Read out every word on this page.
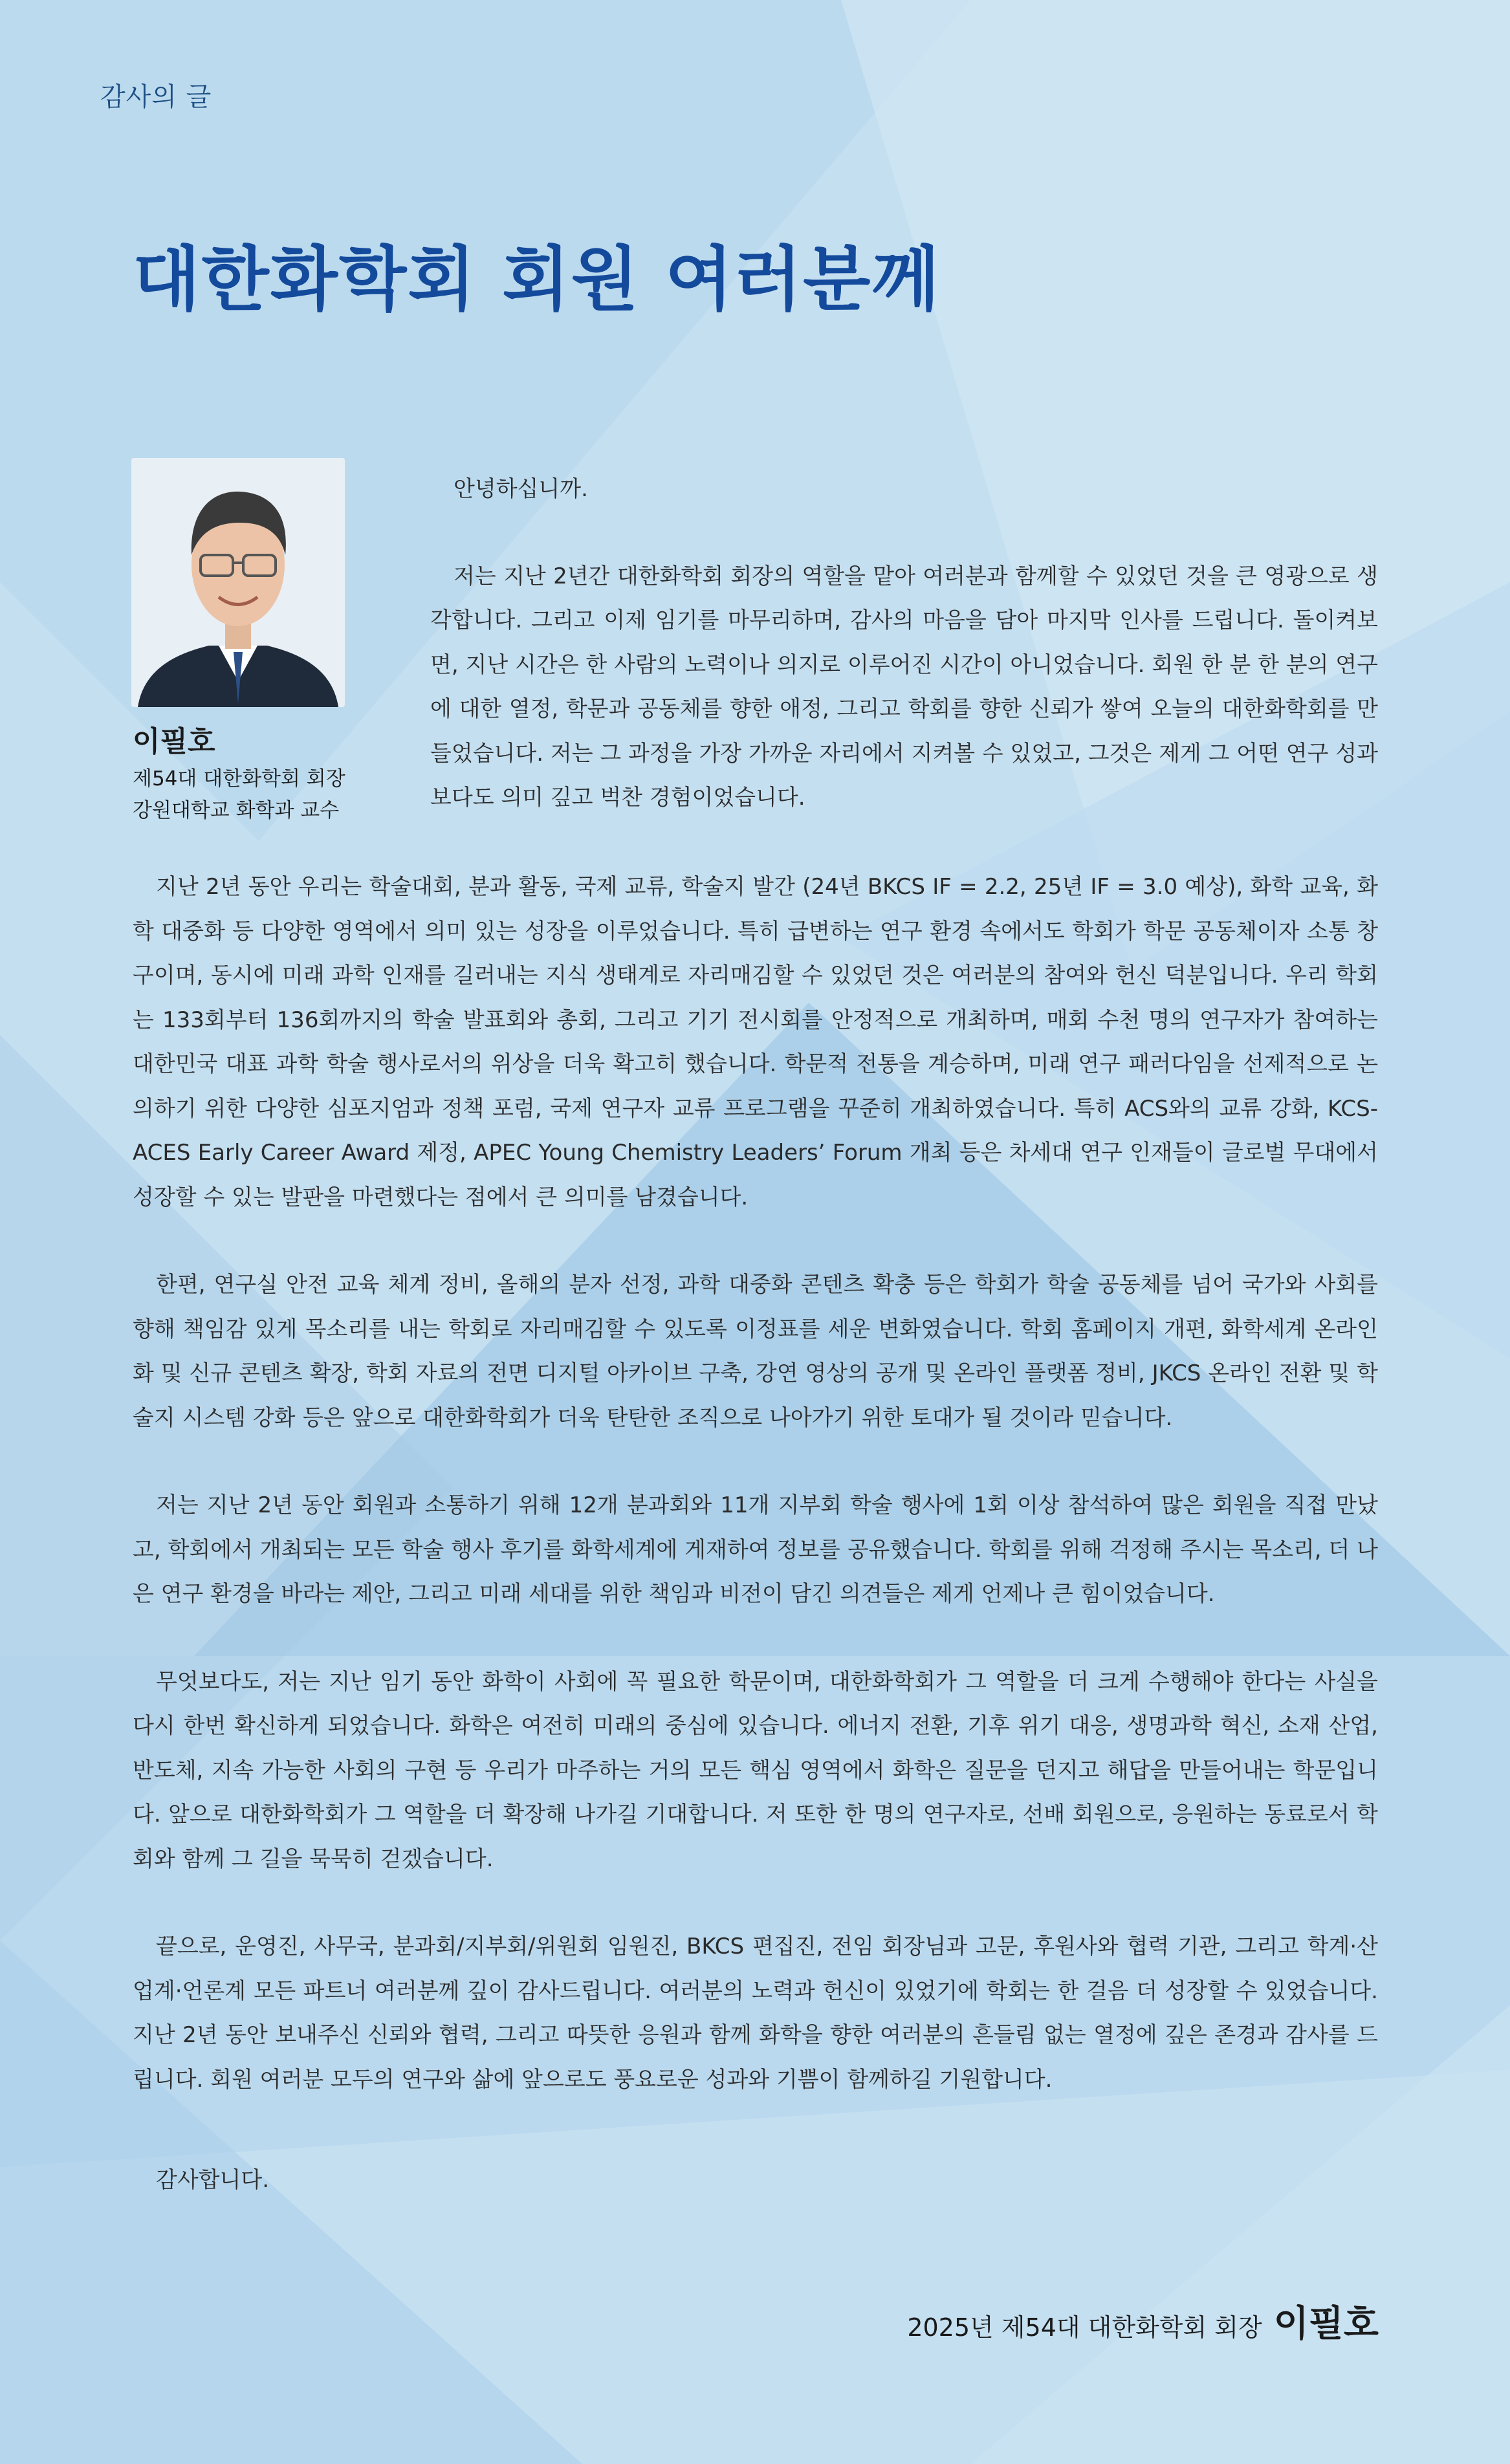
감사의 글
대한화학회 회원 여러분께
이필호
제54대 대한화학회 회장
강원대학교 화학과 교수

안녕하십니까.

저는 지난 2년간 대한화학회 회장의 역할을 맡아 여러분과 함께할 수 있었던 것을 큰 영광으로 생각합니다. 그리고 이제 임기를 마무리하며, 감사의 마음을 담아 마지막 인사를 드립니다. 돌이켜보면, 지난 시간은 한 사람의 노력이나 의지로 이루어진 시간이 아니었습니다. 회원 한 분 한 분의 연구에 대한 열정, 학문과 공동체를 향한 애정, 그리고 학회를 향한 신뢰가 쌓여 오늘의 대한화학회를 만들었습니다. 저는 그 과정을 가장 가까운 자리에서 지켜볼 수 있었고, 그것은 제게 그 어떤 연구 성과보다도 의미 깊고 벅찬 경험이었습니다.

지난 2년 동안 우리는 학술대회, 분과 활동, 국제 교류, 학술지 발간 (24년 BKCS IF = 2.2, 25년 IF = 3.0 예상), 화학 교육, 화학 대중화 등 다양한 영역에서 의미 있는 성장을 이루었습니다. 특히 급변하는 연구 환경 속에서도 학회가 학문 공동체이자 소통 창구이며, 동시에 미래 과학 인재를 길러내는 지식 생태계로 자리매김할 수 있었던 것은 여러분의 참여와 헌신 덕분입니다. 우리 학회는 133회부터 136회까지의 학술 발표회와 총회, 그리고 기기 전시회를 안정적으로 개최하며, 매회 수천 명의 연구자가 참여하는 대한민국 대표 과학 학술 행사로서의 위상을 더욱 확고히 했습니다. 학문적 전통을 계승하며, 미래 연구 패러다임을 선제적으로 논의하기 위한 다양한 심포지엄과 정책 포럼, 국제 연구자 교류 프로그램을 꾸준히 개최하였습니다. 특히 ACS와의 교류 강화, KCS-ACES Early Career Award 제정, APEC Young Chemistry Leaders’ Forum 개최 등은 차세대 연구 인재들이 글로벌 무대에서 성장할 수 있는 발판을 마련했다는 점에서 큰 의미를 남겼습니다.

한편, 연구실 안전 교육 체계 정비, 올해의 분자 선정, 과학 대중화 콘텐츠 확충 등은 학회가 학술 공동체를 넘어 국가와 사회를 향해 책임감 있게 목소리를 내는 학회로 자리매김할 수 있도록 이정표를 세운 변화였습니다. 학회 홈페이지 개편, 화학세계 온라인화 및 신규 콘텐츠 확장, 학회 자료의 전면 디지털 아카이브 구축, 강연 영상의 공개 및 온라인 플랫폼 정비, JKCS 온라인 전환 및 학술지 시스템 강화 등은 앞으로 대한화학회가 더욱 탄탄한 조직으로 나아가기 위한 토대가 될 것이라 믿습니다.

저는 지난 2년 동안 회원과 소통하기 위해 12개 분과회와 11개 지부회 학술 행사에 1회 이상 참석하여 많은 회원을 직접 만났고, 학회에서 개최되는 모든 학술 행사 후기를 화학세계에 게재하여 정보를 공유했습니다. 학회를 위해 걱정해 주시는 목소리, 더 나은 연구 환경을 바라는 제안, 그리고 미래 세대를 위한 책임과 비전이 담긴 의견들은 제게 언제나 큰 힘이었습니다.

무엇보다도, 저는 지난 임기 동안 화학이 사회에 꼭 필요한 학문이며, 대한화학회가 그 역할을 더 크게 수행해야 한다는 사실을 다시 한번 확신하게 되었습니다. 화학은 여전히 미래의 중심에 있습니다. 에너지 전환, 기후 위기 대응, 생명과학 혁신, 소재 산업, 반도체, 지속 가능한 사회의 구현 등 우리가 마주하는 거의 모든 핵심 영역에서 화학은 질문을 던지고 해답을 만들어내는 학문입니다. 앞으로 대한화학회가 그 역할을 더 확장해 나가길 기대합니다. 저 또한 한 명의 연구자로, 선배 회원으로, 응원하는 동료로서 학회와 함께 그 길을 묵묵히 걷겠습니다.

끝으로, 운영진, 사무국, 분과회/지부회/위원회 임원진, BKCS 편집진, 전임 회장님과 고문, 후원사와 협력 기관, 그리고 학계·산업계·언론계 모든 파트너 여러분께 깊이 감사드립니다. 여러분의 노력과 헌신이 있었기에 학회는 한 걸음 더 성장할 수 있었습니다. 지난 2년 동안 보내주신 신뢰와 협력, 그리고 따뜻한 응원과 함께 화학을 향한 여러분의 흔들림 없는 열정에 깊은 존경과 감사를 드립니다. 회원 여러분 모두의 연구와 삶에 앞으로도 풍요로운 성과와 기쁨이 함께하길 기원합니다.

감사합니다.
2025년 제54대 대한화학회 회장 이필호
